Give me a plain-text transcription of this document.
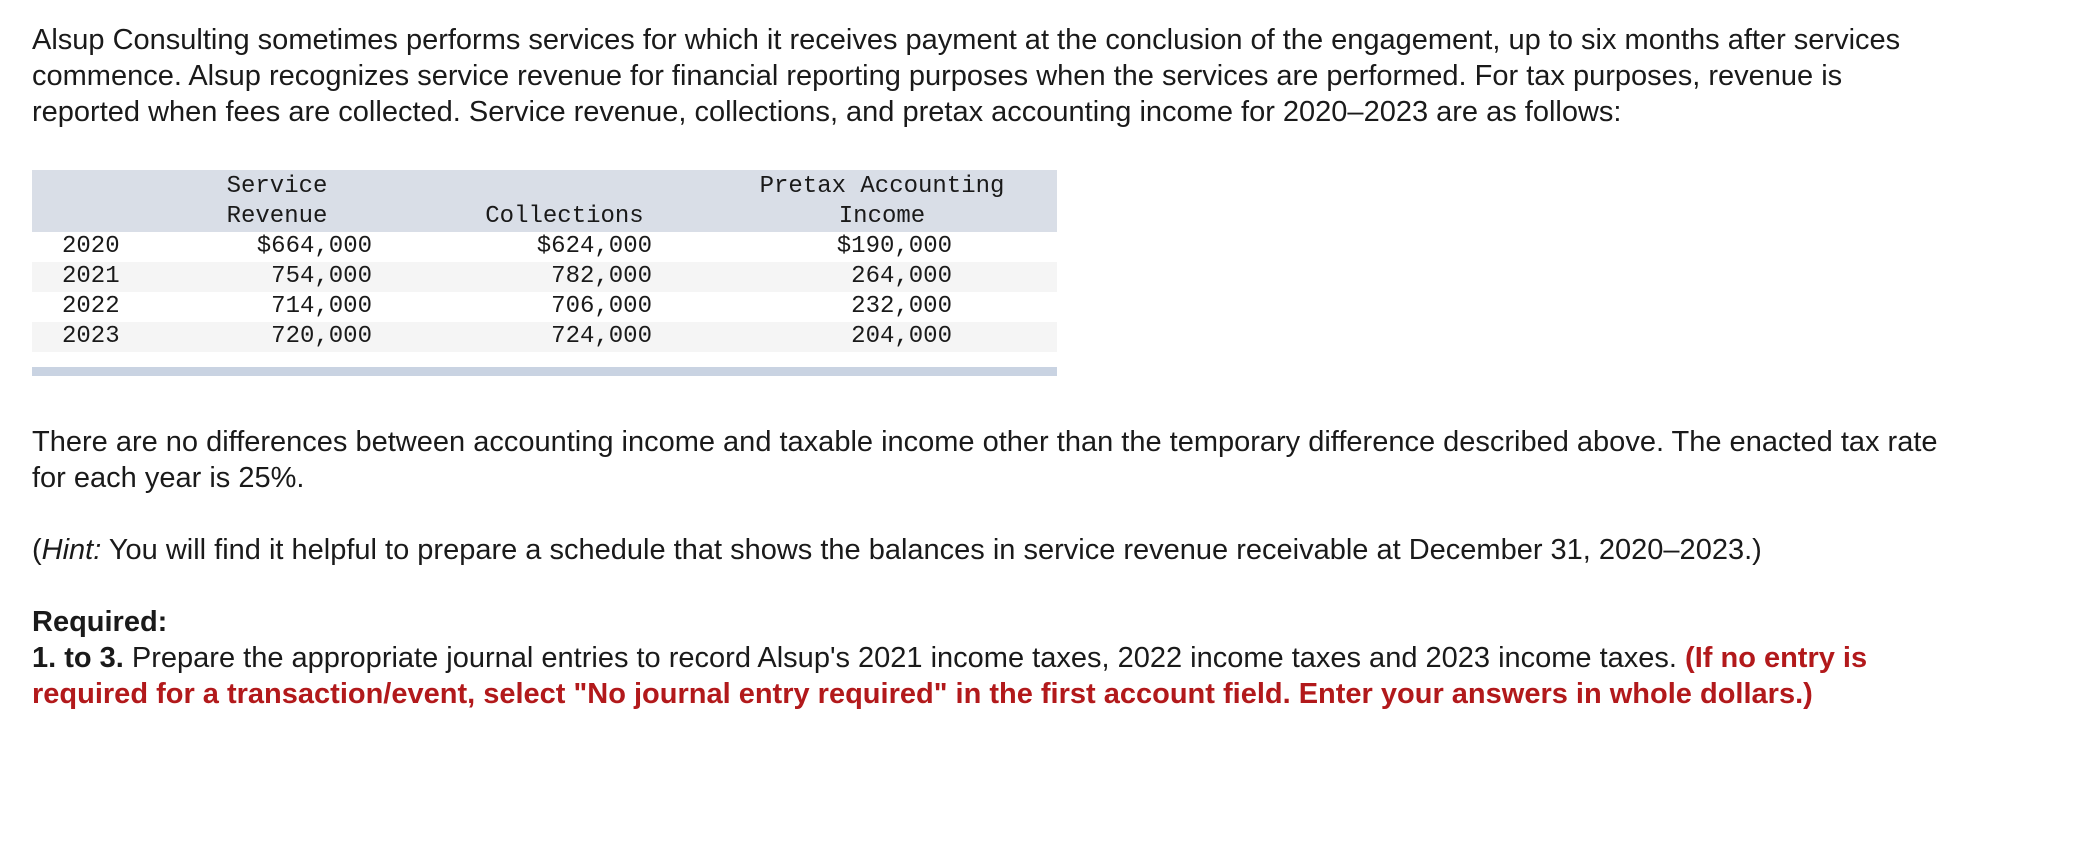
Alsup Consulting sometimes performs services for which it receives payment at the conclusion of the engagement, up to six months after services commence. Alsup recognizes service revenue for financial reporting purposes when the services are performed. For tax purposes, revenue is reported when fees are collected. Service revenue, collections, and pretax accounting income for 2020–2023 are as follows:

	Service Revenue		Collections		Pretax Accounting
Income	

2020	$664,000		$624,000		$190,000	
2021	754,000		782,000		264,000	
2022	714,000		706,000		232,000	
2023	720,000		724,000		204,000	

There are no differences between accounting income and taxable income other than the temporary difference described above. The enacted tax rate for each year is 25%.

(Hint: You will find it helpful to prepare a schedule that shows the balances in service revenue receivable at December 31, 2020–2023.)

Required:
1. to 3. Prepare the appropriate journal entries to record Alsup's 2021 income taxes, 2022 income taxes and 2023 income taxes. (If no entry is required for a transaction/event, select "No journal entry required" in the first account field. Enter your answers in whole dollars.)
